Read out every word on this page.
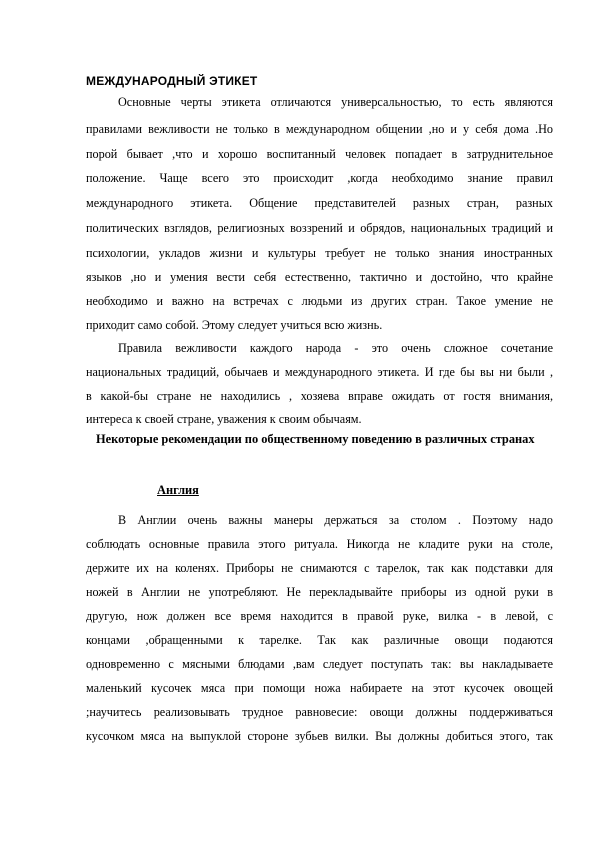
МЕЖДУНАРОДНЫЙ ЭТИКЕТ
Основные черты этикета отличаются универсальностью, то есть являются
правилами вежливости не только в международном общении ,но и у себя дома .Но
порой бывает ,что и хорошо воспитанный человек попадает в затруднительное
положение. Чаще всего это происходит ,когда необходимо знание правил
международного этикета. Общение представителей разных стран, разных
политических взглядов, религиозных воззрений и обрядов, национальных традиций и
психологии, укладов жизни и культуры требует не только знания иностранных
языков ,но и умения вести себя естественно, тактично и достойно, что крайне
необходимо и важно на встречах с людьми из других стран. Такое умение не
приходит само собой. Этому следует учиться всю жизнь.
Правила вежливости каждого народа - это очень сложное сочетание
национальных традиций, обычаев и международного этикета. И где бы вы ни были ,
в какой-бы стране не находились , хозяева вправе ожидать от гостя внимания,
интереса к своей стране, уважения к своим обычаям.
Некоторые рекомендации по общественному поведению в различных странах
Англия
В Англии очень важны манеры держаться за столом . Поэтому надо
соблюдать основные правила этого ритуала. Никогда не кладите руки на столе,
держите их на коленях. Приборы не снимаются с тарелок, так как подставки для
ножей в Англии не употребляют. Не перекладывайте приборы из одной руки в
другую, нож должен все время находится в правой руке, вилка - в левой, с
концами ,обращенными к тарелке. Так как различные овощи подаются
одновременно с мясными блюдами ,вам следует поступать так: вы накладываете
маленький кусочек мяса при помощи ножа набираете на этот кусочек овощей
;научитесь реализовывать трудное равновесие: овощи должны поддерживаться
кусочком мяса на выпуклой стороне зубьев вилки. Вы должны добиться этого, так
